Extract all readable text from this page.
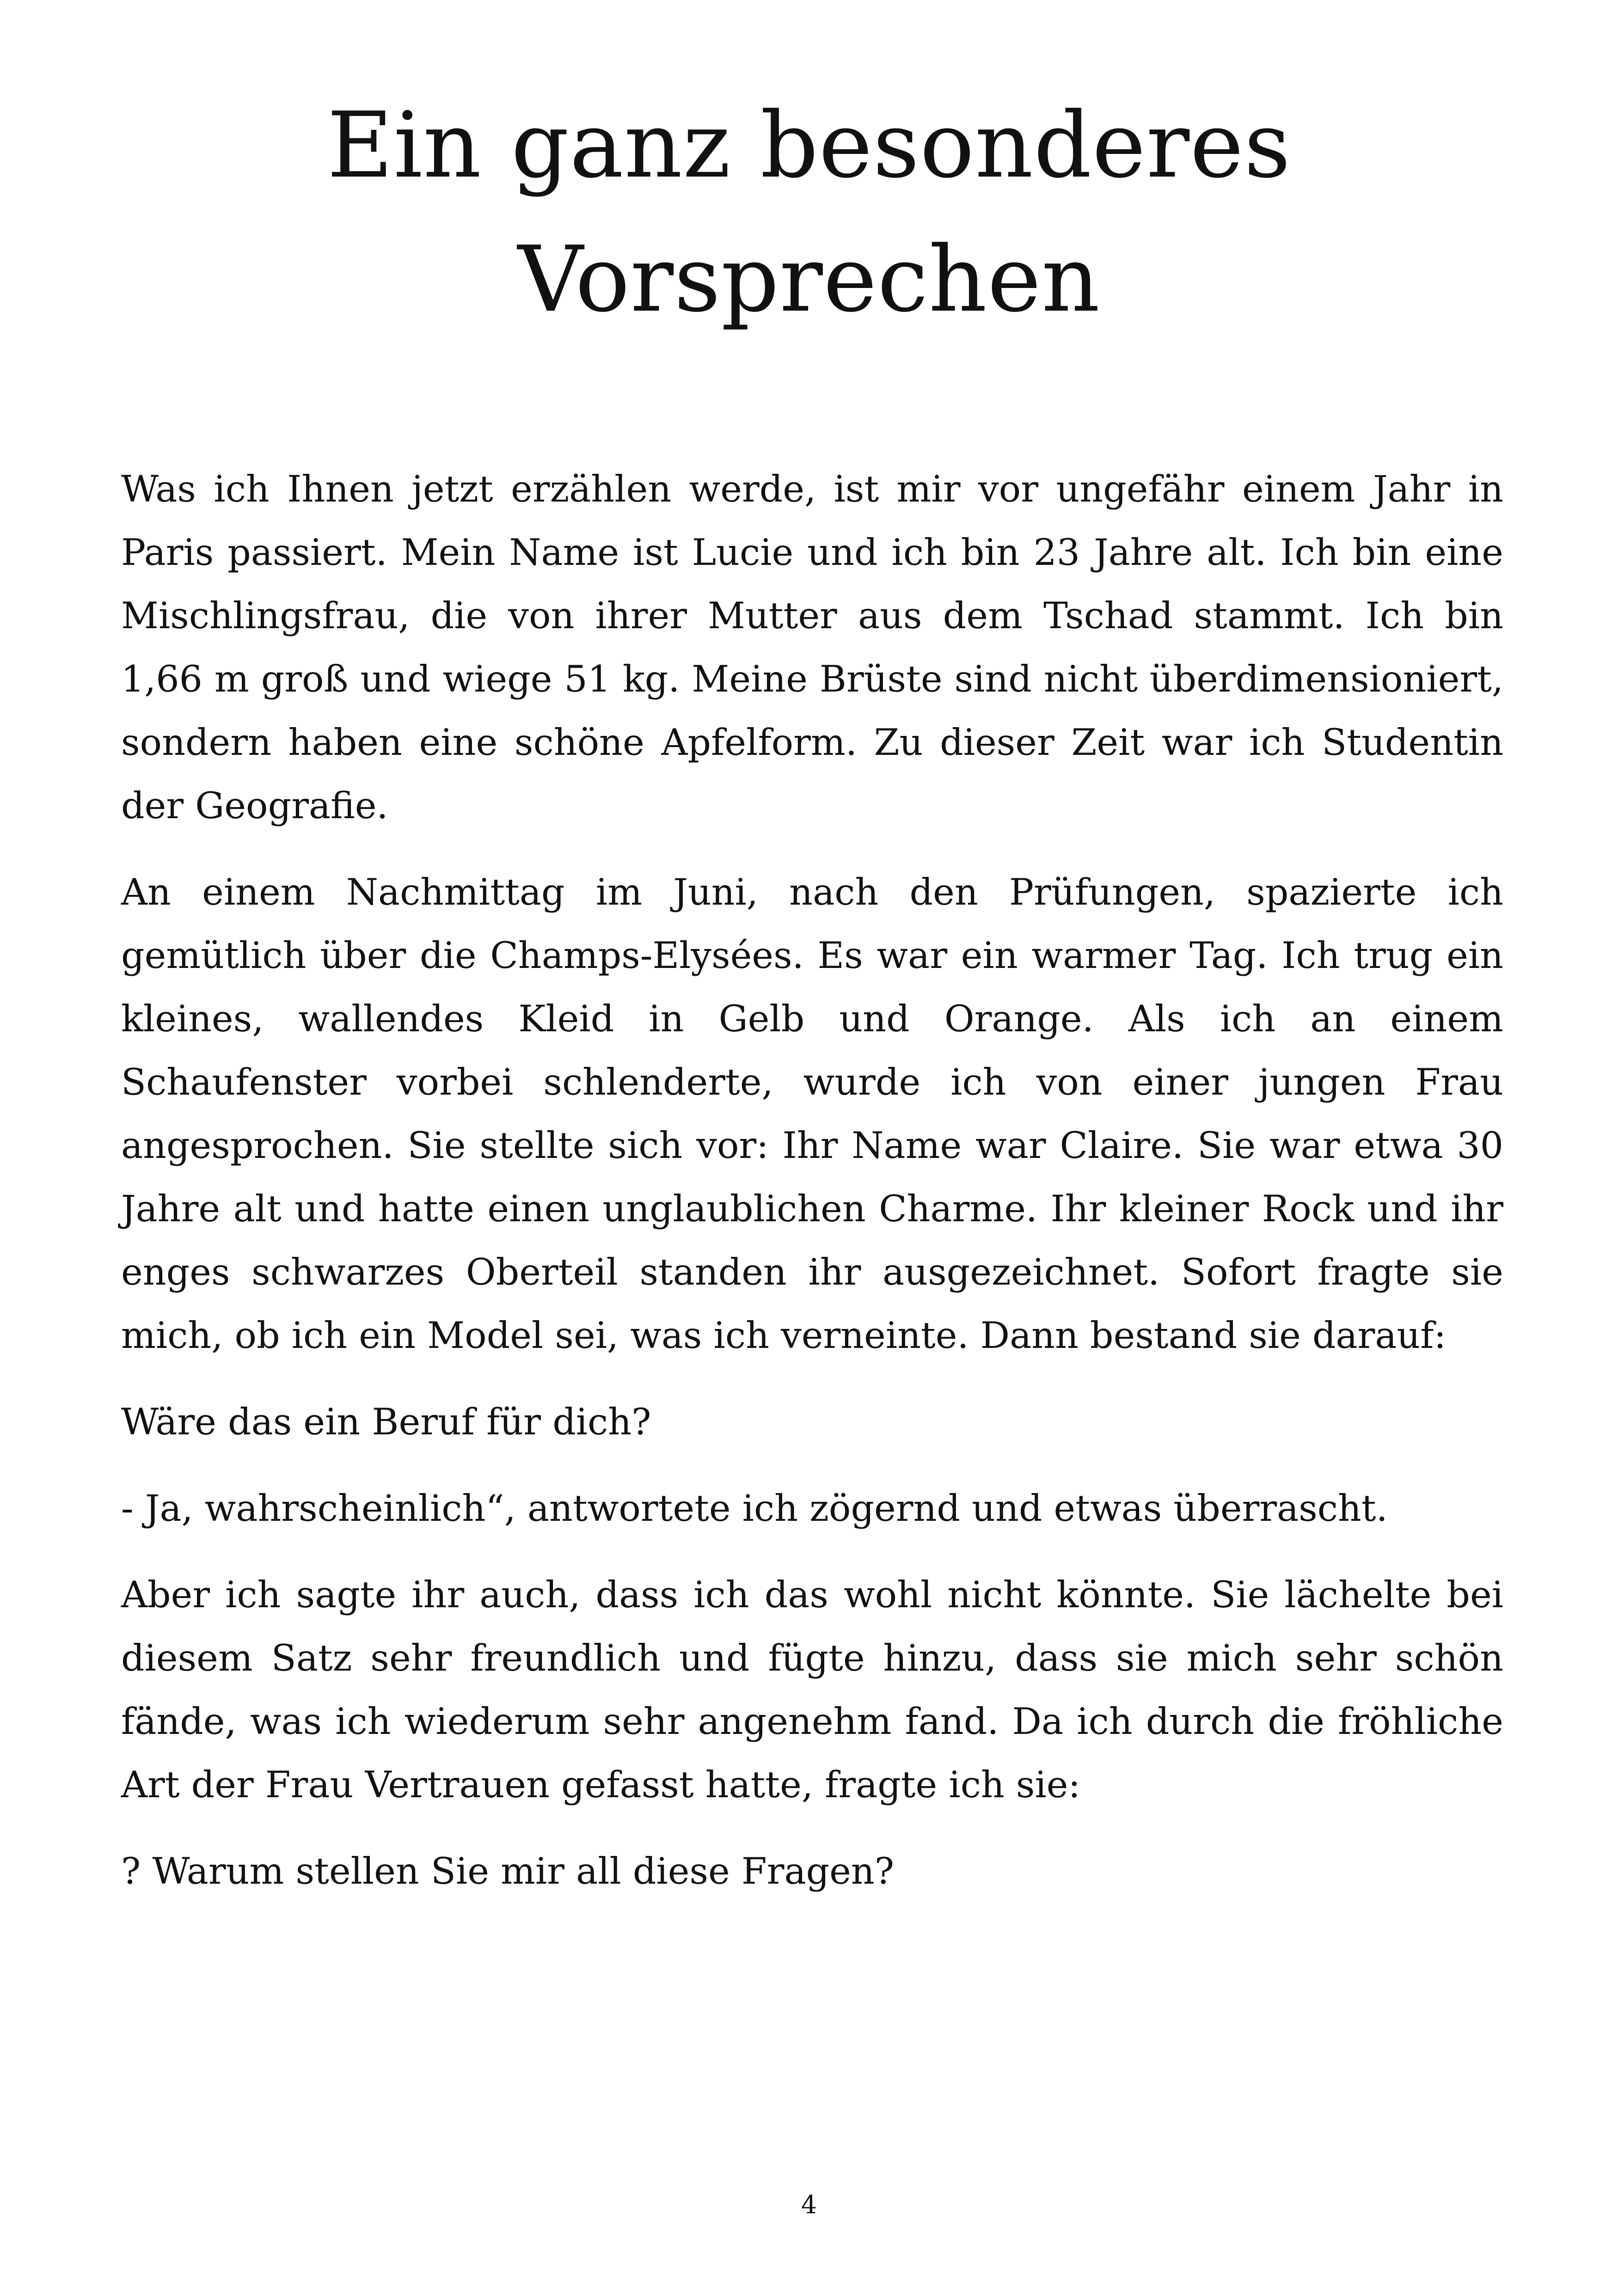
Ein ganz besonderes
Vorsprechen

Was ich Ihnen jetzt erzählen werde, ist mir vor ungefähr einem Jahr in Paris passiert. Mein Name ist Lucie und ich bin 23 Jahre alt. Ich bin eine Mischlingsfrau, die von ihrer Mutter aus dem Tschad stammt. Ich bin 1,66 m groß und wiege 51 kg. Meine Brüste sind nicht überdimensioniert, sondern haben eine schöne Apfelform. Zu dieser Zeit war ich Studentin der Geografie.

An einem Nachmittag im Juni, nach den Prüfungen, spazierte ich gemütlich über die Champs-Elysées. Es war ein warmer Tag. Ich trug ein kleines, wallendes Kleid in Gelb und Orange. Als ich an einem Schaufenster vorbei schlenderte, wurde ich von einer jungen Frau angesprochen. Sie stellte sich vor: Ihr Name war Claire. Sie war etwa 30 Jahre alt und hatte einen unglaublichen Charme. Ihr kleiner Rock und ihr enges schwarzes Oberteil standen ihr ausgezeichnet. Sofort fragte sie mich, ob ich ein Model sei, was ich verneinte. Dann bestand sie darauf:

Wäre das ein Beruf für dich?

- Ja, wahrscheinlich“, antwortete ich zögernd und etwas überrascht.

Aber ich sagte ihr auch, dass ich das wohl nicht könnte. Sie lächelte bei diesem Satz sehr freundlich und fügte hinzu, dass sie mich sehr schön fände, was ich wiederum sehr angenehm fand. Da ich durch die fröhliche Art der Frau Vertrauen gefasst hatte, fragte ich sie:

? Warum stellen Sie mir all diese Fragen?

4
